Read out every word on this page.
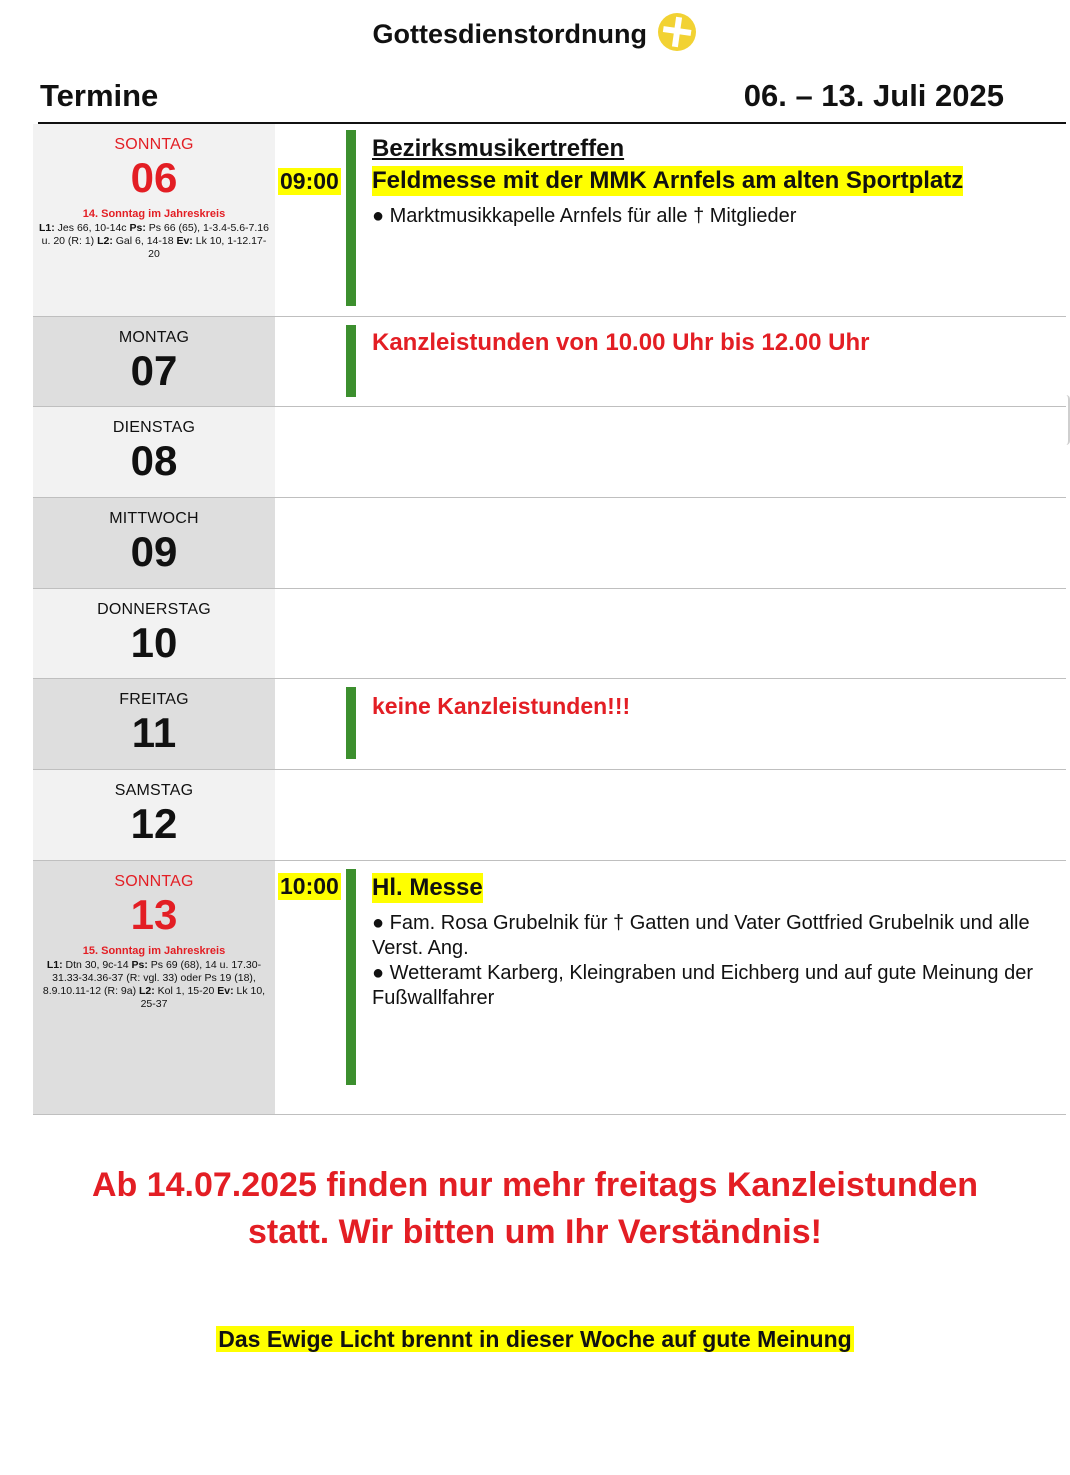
Gottesdienstordnung
Termine	06. – 13. Juli 2025
SONNTAG
06
14. Sonntag im Jahreskreis
L1: Jes 66, 10-14c Ps: Ps 66 (65), 1-3.4-5.6-7.16 u. 20 (R: 1) L2: Gal 6, 14-18 Ev: Lk 10, 1-12.17-20
09:00
Bezirksmusikertreffen
Feldmesse mit der MMK Arnfels am alten Sportplatz
● Marktmusikkapelle Arnfels für alle † Mitglieder
MONTAG
07
Kanzleistunden von 10.00 Uhr bis 12.00 Uhr
DIENSTAG
08
MITTWOCH
09
DONNERSTAG
10
FREITAG
11
keine Kanzleistunden!!!
SAMSTAG
12
SONNTAG
13
15. Sonntag im Jahreskreis
L1: Dtn 30, 9c-14 Ps: Ps 69 (68), 14 u. 17.30-31.33-34.36-37 (R: vgl. 33) oder Ps 19 (18), 8.9.10.11-12 (R: 9a) L2: Kol 1, 15-20 Ev: Lk 10, 25-37
10:00 Hl. Messe
● Fam. Rosa Grubelnik für † Gatten und Vater Gottfried Grubelnik und alle Verst. Ang.
● Wetteramt Karberg, Kleingraben und Eichberg und auf gute Meinung der Fußwallfahrer
Ab 14.07.2025 finden nur mehr freitags Kanzleistunden
statt. Wir bitten um Ihr Verständnis!
Das Ewige Licht brennt in dieser Woche auf gute Meinung
